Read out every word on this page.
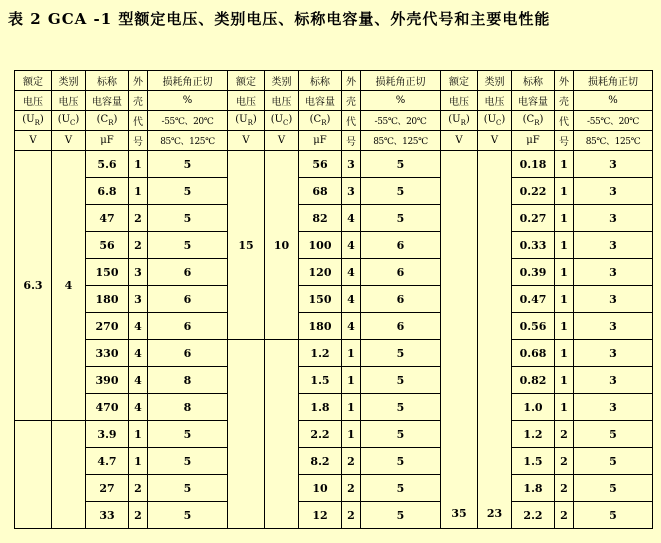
表 2 GCA -1 型额定电压、类别电压、标称电容量、外壳代号和主要电性能
额定	类别	标称	外	损耗角正切	额定	类别	标称	外	损耗角正切	额定	类别	标称	外	损耗角正切
电压	电压	电容量	壳	%	电压	电压	电容量	壳	%	电压	电压	电容量	壳	%
$(U_R)$	$(U_C)$	$(C_R)$	代	-55℃、20℃	$(U_R)$	$(U_C)$	$(C_R)$	代	-55℃、20℃	$(U_R)$	$(U_C)$	$(C_R)$	代	-55℃、20℃
V	V	μF	号	85℃、125℃	V	V	μF	号	85℃、125℃	V	V	μF	号	85℃、125℃
6.3	4	5.6	1	5	15	10	56	3	5	35	23	0.18	1	3
		6.8	1	5			68	3	5			0.22	1	3
		47	2	5			82	4	5			0.27	1	3
		56	2	5			100	4	6			0.33	1	3
		150	3	6			120	4	6			0.39	1	3
		180	3	6			150	4	6			0.47	1	3
		270	4	6			180	4	6			0.56	1	3
		330	4	6			1.2	1	5			0.68	1	3
		390	4	8			1.5	1	5			0.82	1	3
		470	4	8			1.8	1	5			1.0	1	3
		3.9	1	5			2.2	1	5			1.2	2	5
		4.7	1	5			8.2	2	5			1.5	2	5
		27	2	5			10	2	5			1.8	2	5
		33	2	5			12	2	5			2.2	2	5
